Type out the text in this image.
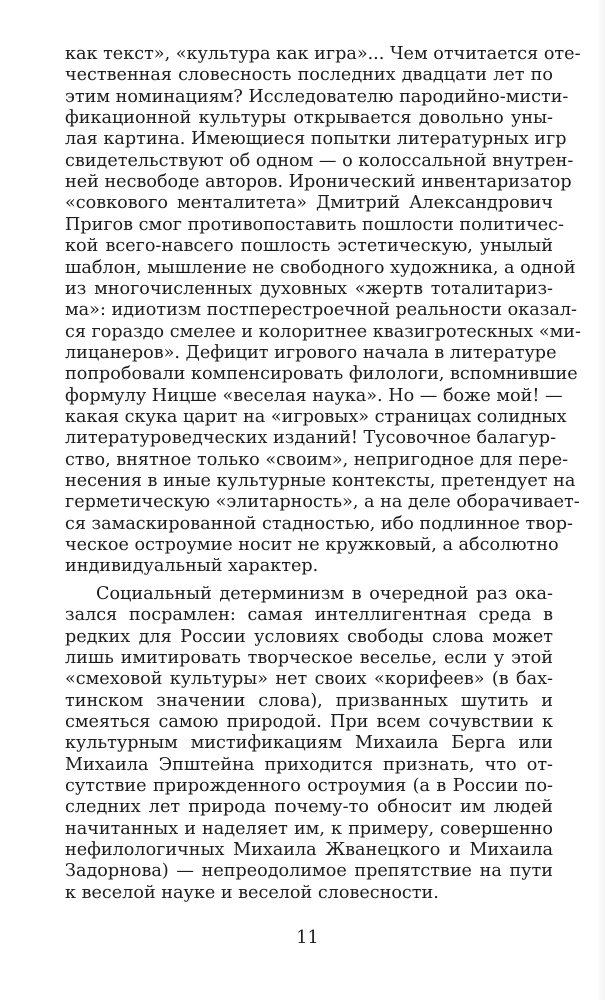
как текст», «культура как игра»... Чем отчитается оте-
чественная словесность последних двадцати лет по
этим номинациям? Исследователю пародийно-мисти-
фикационной культуры открывается довольно уны-
лая картина. Имеющиеся попытки литературных игр
свидетельствуют об одном — о колоссальной внутрен-
ней несвободе авторов. Иронический инвентаризатор
«совкового менталитета» Дмитрий Александрович
Пригов смог противопоставить пошлости политичес-
кой всего-навсего пошлость эстетическую, унылый
шаблон, мышление не свободного художника, а одной
из многочисленных духовных «жертв тоталитариз-
ма»: идиотизм постперестроечной реальности оказал-
ся гораздо смелее и колоритнее квазигротескных «ми-
лицанеров». Дефицит игрового начала в литературе
попробовали компенсировать филологи, вспомнившие
формулу Ницше «веселая наука». Но — боже мой! —
какая скука царит на «игровых» страницах солидных
литературоведческих изданий! Тусовочное балагур-
ство, внятное только «своим», непригодное для пере-
несения в иные культурные контексты, претендует на
герметическую «элитарность», а на деле оборачивает-
ся замаскированной стадностью, ибо подлинное твор-
ческое остроумие носит не кружковый, а абсолютно
индивидуальный характер.
Социальный детерминизм в очередной раз ока-
зался посрамлен: самая интеллигентная среда в
редких для России условиях свободы слова может
лишь имитировать творческое веселье, если у этой
«смеховой культуры» нет своих «корифеев» (в бах-
тинском значении слова), призванных шутить и
смеяться самою природой. При всем сочувствии к
культурным мистификациям Михаила Берга или
Михаила Эпштейна приходится признать, что от-
сутствие прирожденного остроумия (а в России по-
следних лет природа почему-то обносит им людей
начитанных и наделяет им, к примеру, совершенно
нефилологичных Михаила Жванецкого и Михаила
Задорнова) — непреодолимое препятствие на пути
к веселой науке и веселой словесности.
11
